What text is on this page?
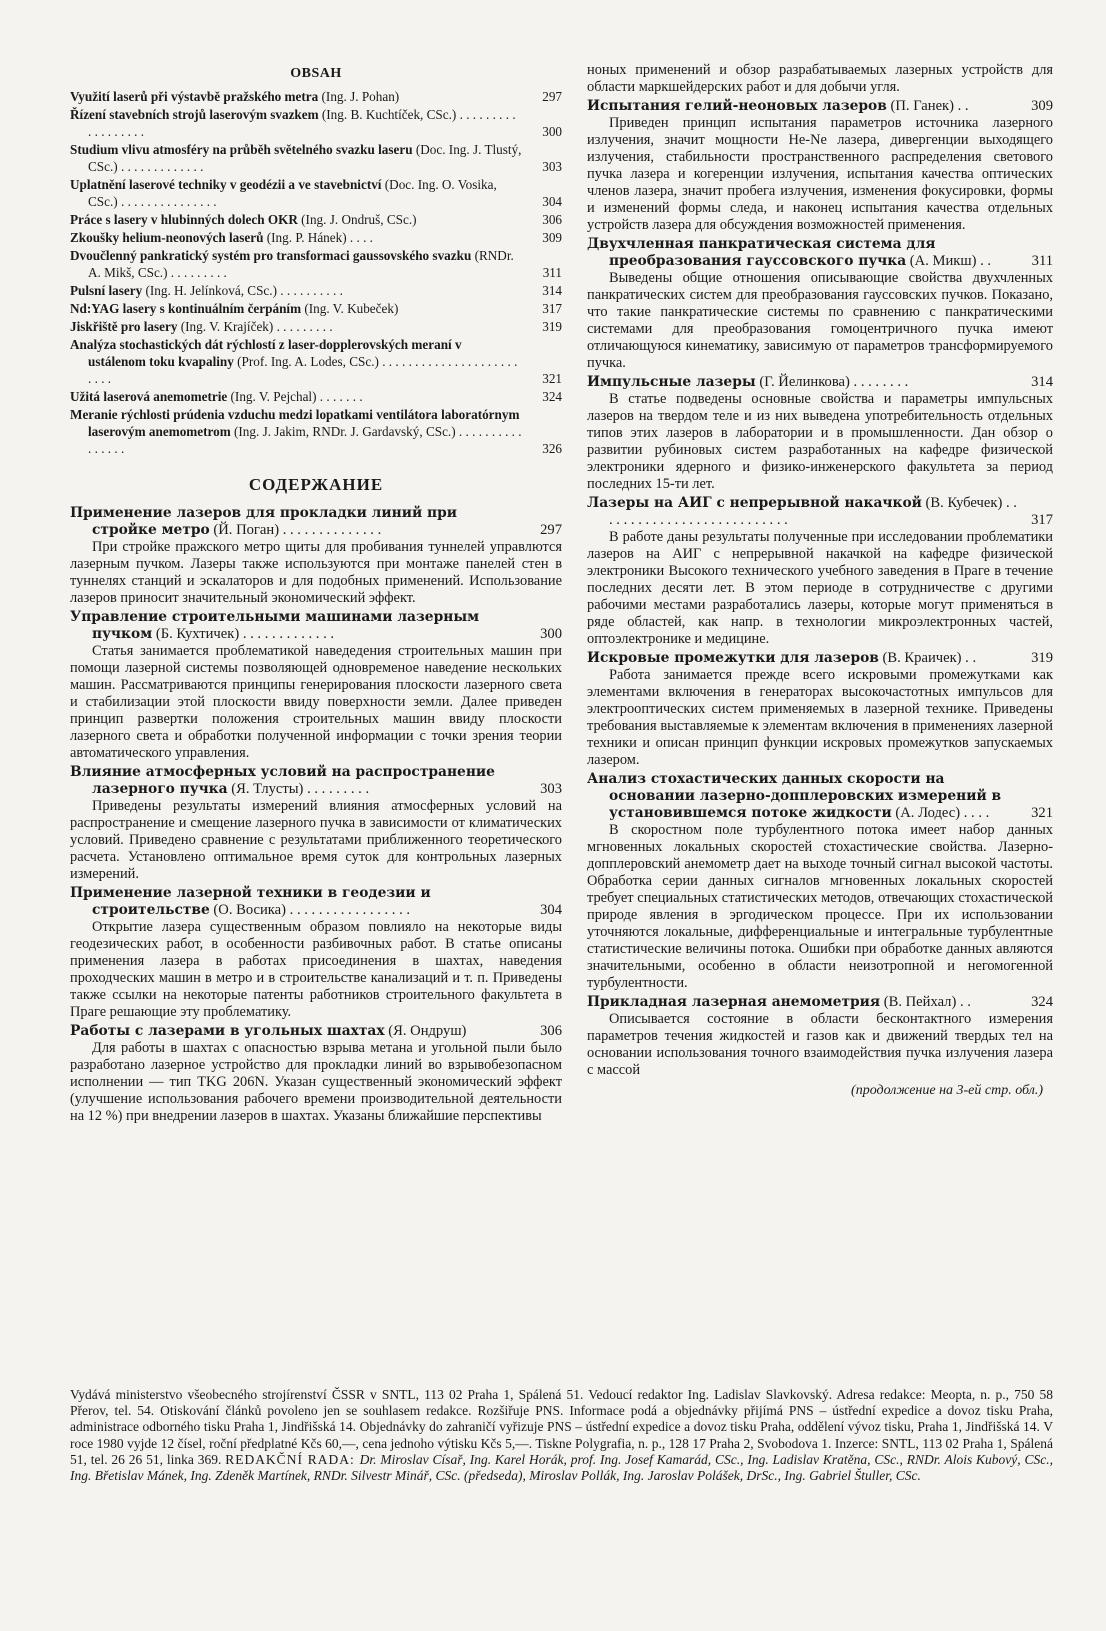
OBSAH
Využití laserů při výstavbě pražského metra (Ing. J. Pohan)	297
Řízení stavebních strojů laserovým svazkem (Ing. B. Kuchtíček, CSc.) . . . . . . . . . . . . . . . . . .	300
Studium vlivu atmosféry na průběh světelného svazku laseru (Doc. Ing. J. Tlustý, CSc.) . . . . . . . . . . . . .	303
Uplatnění laserové techniky v geodézii a ve stavebnictví (Doc. Ing. O. Vosika, CSc.) . . . . . . . . . . . . . . .	304
Práce s lasery v hlubinných dolech OKR (Ing. J. Ondruš, CSc.)	306
Zkoušky helium-neonových laserů (Ing. P. Hánek) . . . .	309
Dvoučlenný pankratický systém pro transformaci gaussovského svazku (RNDr. A. Mikš, CSc.) . . . . . . . . .	311
Pulsní lasery (Ing. H. Jelínková, CSc.) . . . . . . . . . .	314
Nd:YAG lasery s kontinuálním čerpáním (Ing. V. Kubeček)	317
Jiskřiště pro lasery (Ing. V. Krajíček) . . . . . . . . .	319
Analýza stochastických dát rýchlostí z laser-dopplerovských meraní v ustálenom toku kvapaliny (Prof. Ing. A. Lodes, CSc.) . . . . . . . . . . . . . . . . . . . . . . . . .	321
Užitá laserová anemometrie (Ing. V. Pejchal) . . . . . . .	324
Meranie rýchlosti prúdenia vzduchu medzi lopatkami ventilátora laboratórnym laserovým anemometrom (Ing. J. Jakim, RNDr. J. Gardavský, CSc.) . . . . . . . . . . . . . . . .	326
СОДЕРЖАНИЕ
Применение лазеров для прокладки линий при стройке метро (Й. Поган) . . . . . . . . . . . . . .	297

При стройке пражского метро щиты для пробивания туннелей управлются лазерным пучком. Лазеры также используются при монтаже панелей стен в туннелях станций и эскалаторов и для подобных применений. Использование лазеров приносит значительный экономический эффект.

Управление строительными машинами лазерным пучком (Б. Кухтичек) . . . . . . . . . . . . .	300

Статья занимается проблематикой наведедения строительных машин при помощи лазерной системы позволяющей одновременое наведение нескольких машин. Рассматриваются принципы генерирования плоскости лазерного света и стабилизации этой плоскости ввиду поверхности земли. Далее приведен принцип развертки положения строительных машин ввиду плоскости лазерного света и обработки полученной информации с точки зрения теории автоматического управления.

Влияние атмосферных условий на распространение лазерного пучка (Я. Тлусты) . . . . . . . . .	303

Приведены результаты измерений влияния атмосферных условий на распространение и смещение лазерного пучка в зависимости от климатических условий. Приведено сравнение с результатами приближенного теоретического расчета. Установлено оптимальное время суток для контрольных лазерных измерений.

Применение лазерной техники в геодезии и строительстве (О. Восика) . . . . . . . . . . . . . . . . .	304

Открытие лазера существенным образом повлияло на некоторые виды геодезических работ, в особенности разбивочных работ. В статье описаны применения лазера в работах присоединения в шахтах, наведения проходческих машин в метро и в строительстве канализаций и т. п. Приведены также ссылки на некоторые патенты работников строительного факультета в Праге решающие эту проблематику.

Работы с лазерами в угольных шахтах (Я. Ондруш)	306

Для работы в шахтах с опасностью взрыва метана и угольной пыли было разработано лазерное устройство для прокладки линий во взрывобезопасном исполнении — тип TKG 206N. Указан существенный экономический эффект (улучшение использования рабочего времени производительной деятельности на 12 %) при внедрении лазеров в шахтах. Указаны ближайшие перспективы

ноных применений и обзор разрабатываемых лазерных устройств для области маркшейдерских работ и для добычи угля.

Испытания гелий-неоновых лазеров (П. Ганек) . .	309

Приведен принцип испытания параметров источника лазерного излучения, значит мощности He-Ne лазера, дивергенции выходящего излучения, стабильности пространственного распределения светового пучка лазера и когеренции излучения, испытания качества оптических членов лазера, значит пробега излучения, изменения фокусировки, формы и изменений формы следа, и наконец испытания качества отдельных устройств лазера для обсуждения возможностей применения.

Двухчленная панкратическая система для преобразования гауссовского пучка (А. Микш) . .	311

Выведены общие отношения описывающие свойства двухчленных панкратических систем для преобразования гауссовских пучков. Показано, что такие панкратические системы по сравнению с панкратическими системами для преобразования гомоцентричного пучка имеют отличающуюся кинематику, зависимую от параметров трансформируемого пучка.

Импульсные лазеры (Г. Йелинкова) . . . . . . . .	314

В статье подведены основные свойства и параметры импульсных лазеров на твердом теле и из них выведена употребительность отдельных типов этих лазеров в лаборатории и в промышленности. Дан обзор о развитии рубиновых систем разработанных на кафедре физической электроники ядерного и физико-инженерского факультета за период последних 15-ти лет.

Лазеры на АИГ с непрерывной накачкой (В. Кубечек) . . . . . . . . . . . . . . . . . . . . . . . . . . .	317

В работе даны результаты полученные при исследовании проблематики лазеров на АИГ с непрерывной накачкой на кафедре физической электроники Высокого технического учебного заведения в Праге в течение последних десяти лет. В этом периоде в сотрудничестве с другими рабочими местами разработались лазеры, которые могут применяться в ряде областей, как напр. в технологии микроэлектронных частей, оптоэлектронике и медицине.

Искровые промежутки для лазеров (В. Краичек) . .	319

Работа занимается прежде всего искровыми промежутками как элементами включения в генераторах высокочастотных импульсов для электрооптических систем применяемых в лазерной технике. Приведены требования выставляемые к элементам включения в применениях лазерной техники и описан принцип функции искровых промежутков запускаемых лазером.

Анализ стохастических данных скорости на основании лазерно-допплеровских измерений в установившемся потоке жидкости (А. Лодес) . . . .	321

В скоростном поле турбулентного потока имеет набор данных мгновенных локальных скоростей стохастические свойства. Лазерно-допплеровский анемометр дает на выходе точный сигнал высокой частоты. Обработка серии данных сигналов мгновенных локальных скоростей требует специальных статистических методов, отвечающих стохастической природе явления в эргодическом процессе. При их использовании уточняются локальные, дифференциальные и интегральные турбулентные статистические величины потока. Ошибки при обработке данных авляются значительными, особенно в области неизотропной и негомогенной турбулентности.

Прикладная лазерная анемометрия (В. Пейхал) . .	324

Описывается состояние в области бесконтактного измерения параметров течения жидкостей и газов как и движений твердых тел на основании использования точного взаимодействия пучка излучения лазера с массой

(продолжение на 3-ей стр. обл.)
Vydává ministerstvo všeobecného strojírenství ČSSR v SNTL, 113 02 Praha 1, Spálená 51. Vedoucí redaktor Ing. Ladislav Slavkovský. Adresa redakce: Meopta, n. p., 750 58 Přerov, tel. 54. Otiskování článků povoleno jen se souhlasem redakce. Rozšiřuje PNS. Informace podá a objednávky přijímá PNS – ústřední expedice a dovoz tisku Praha, administrace odborného tisku Praha 1, Jindřišská 14. Objednávky do zahraničí vyřizuje PNS – ústřední expedice a dovoz tisku Praha, oddělení vývoz tisku, Praha 1, Jindřišská 14. V roce 1980 vyjde 12 čísel, roční předplatné Kčs 60,—, cena jednoho výtisku Kčs 5,—. Tiskne Polygrafia, n. p., 128 17 Praha 2, Svobodova 1. Inzerce: SNTL, 113 02 Praha 1, Spálená 51, tel. 26 26 51, linka 369. REDAKČNÍ RADA: Dr. Miroslav Císař, Ing. Karel Horák, prof. Ing. Josef Kamarád, CSc., Ing. Ladislav Kratěna, CSc., RNDr. Alois Kubový, CSc., Ing. Břetislav Mánek, Ing. Zdeněk Martínek, RNDr. Silvestr Minář, CSc. (předseda), Miroslav Pollák, Ing. Jaroslav Polášek, DrSc., Ing. Gabriel Štuller, CSc.
